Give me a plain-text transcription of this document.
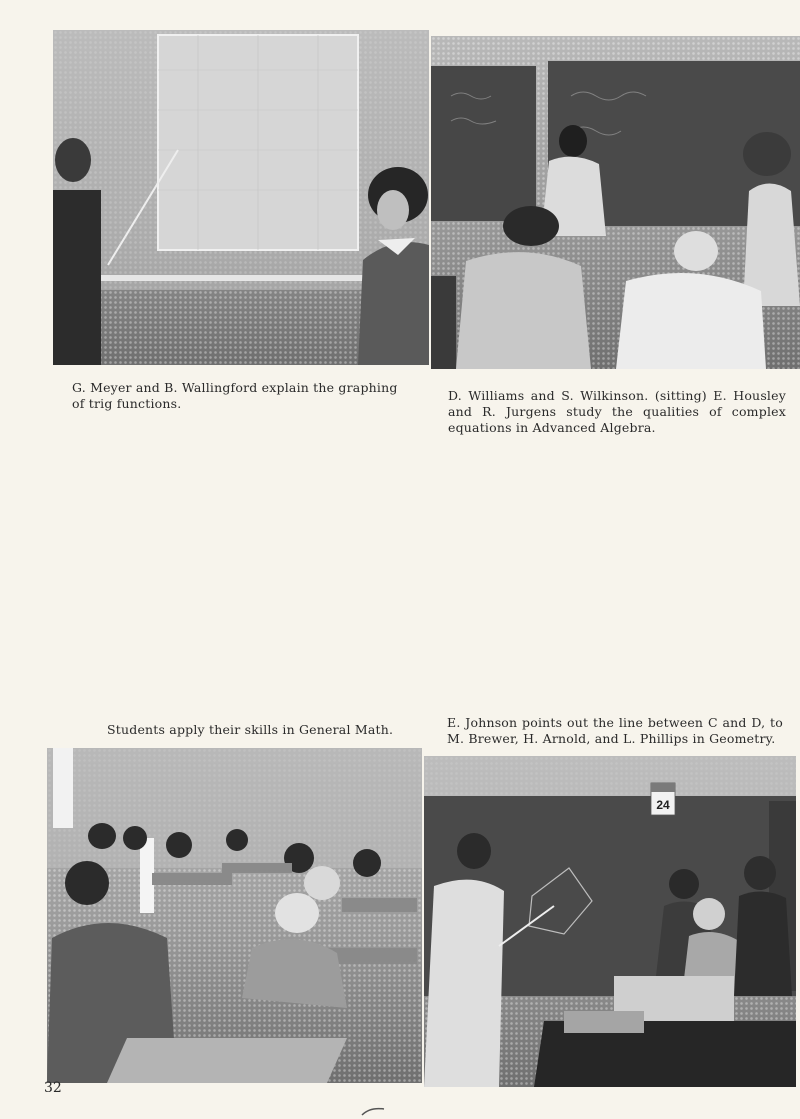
G. Meyer and B. Wallingford explain the graphing of trig functions.

D. Williams and S. Wilkinson. (sitting) E. Housley and R. Jurgens study the qualities of complex equations in Advanced Algebra.

Students apply their skills in General Math.	E. Johnson points out the line between C and D, to M. Brewer, H. Arnold, and L. Phillips in Geometry.

24

32
